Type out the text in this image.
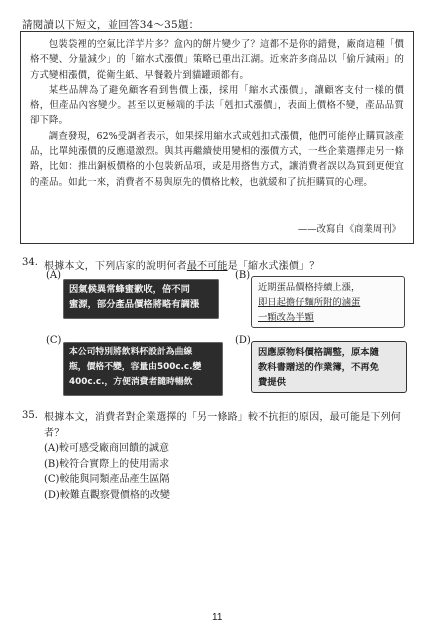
請閱讀以下短文，並回答34～35題：

包裝袋裡的空氣比洋芋片多？盒內的餅片變少了？這都不是你的錯覺，廠商這種「價格不變、分量減少」的「縮水式漲價」策略已重出江湖。近來許多商品以「偷斤減兩」的方式變相漲價，從衛生紙、早餐穀片到貓罐頭都有。

某些品牌為了避免顧客看到售價上漲，採用「縮水式漲價」，讓顧客支付一樣的價格，但產品內容變少。甚至以更極端的手法「剋扣式漲價」，表面上價格不變，產品品質卻下降。

調查發現，62%受調者表示，如果採用縮水式或剋扣式漲價，他們可能停止購買該產品，比單純漲價的反應還激烈。與其再繼續使用變相的漲價方式，一些企業選擇走另一條路，比如：推出銅板價格的小包裝新品項，或是用搭售方式，讓消費者誤以為買到更便宜的產品。如此一來，消費者不易與原先的價格比較，也就緩和了抗拒購買的心理。

——改寫自《商業周刊》
34. 根據本文，下列店家的說明何者最不可能是「縮水式漲價」？
(A)
因氣候異常蜂蜜歉收，倍不同
蜜源，部分產品價格將略有調漲
(B)
近期蛋品價格持續上漲，
即日起擔仔麵所附的滷蛋
一顆改為半顆
(C)
本公司特別將飲料杯設計為曲線
瓶，價格不變，容量由500c.c.變
400c.c.，方便消費者隨時暢飲
(D)
因應原物料價格調整，原本隨
教科書贈送的作業簿，不再免
費提供
35. 根據本文，消費者對企業選擇的「另一條路」較不抗拒的原因，最可能是下列何者？
(A)較可感受廠商回饋的誠意
(B)較符合實際上的使用需求
(C)較能與同類產品產生區隔
(D)較難直觀察覺價格的改變
11
